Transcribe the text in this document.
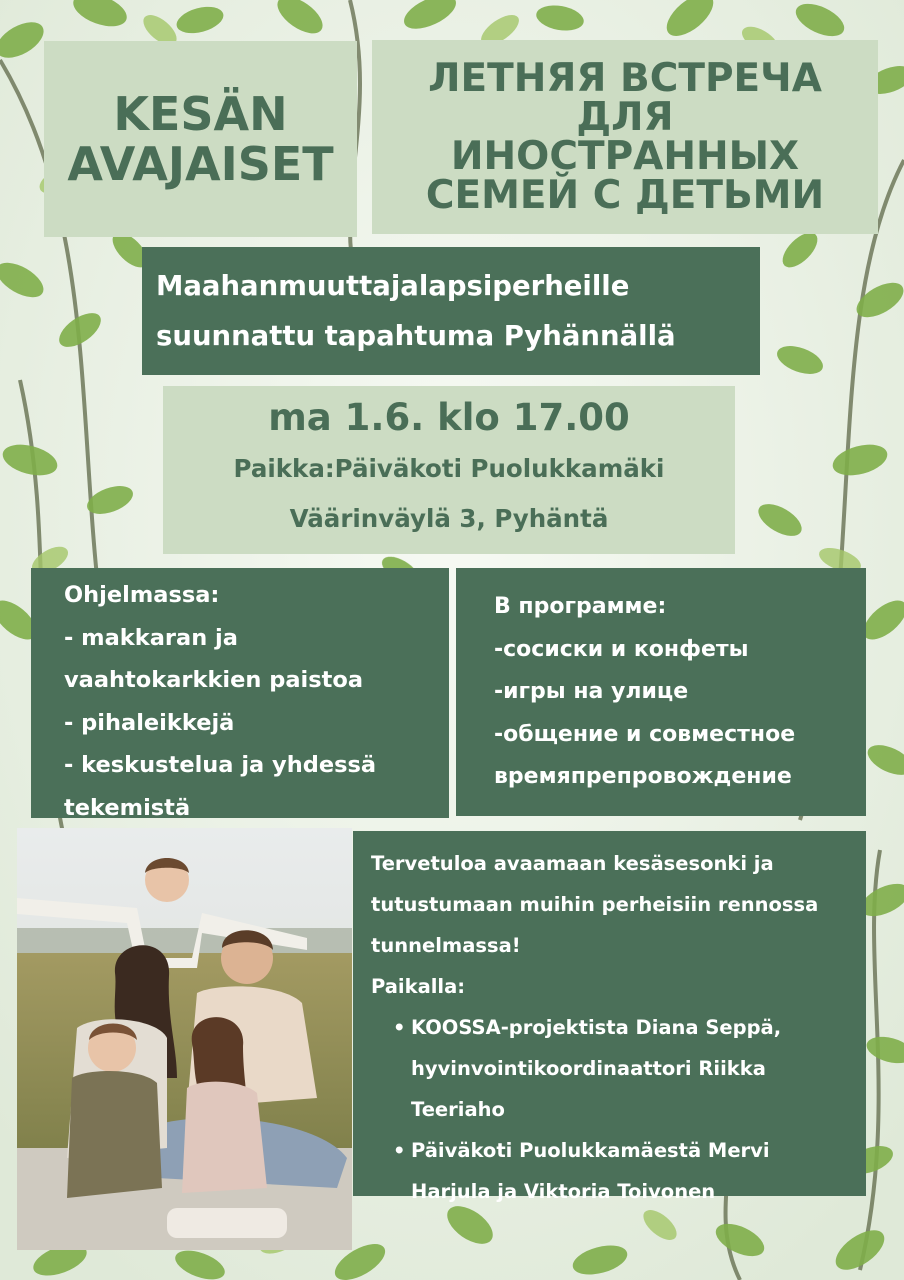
KESÄN
AVAJAISET
ЛЕТНЯЯ ВСТРЕЧА
ДЛЯ
ИНОСТРАННЫХ
СЕМЕЙ С ДЕТЬМИ
Maahanmuuttajalapsiperheille
suunnattu tapahtuma Pyhännällä
ma 1.6. klo 17.00
Paikka:Päiväkoti Puolukkamäki
Väärinväylä 3, Pyhäntä
Ohjelmassa:
- makkaran ja
vaahtokarkkien paistoa
- pihaleikkejä
- keskustelua ja yhdessä
tekemistä
В программе:
-сосиски и конфеты
-игры на улице
-общение и совместное
времяпрепровождение
Tervetuloa avaamaan kesäsesonki ja
tutustumaan muihin perheisiin rennossa
tunnelmassa!
Paikalla:
• KOOSSA-projektista Diana Seppä,
hyvinvointikoordinaattori Riikka
Teeriaho
• Päiväkoti Puolukkamäestä Mervi
Harjula ja Viktoria Toivonen
